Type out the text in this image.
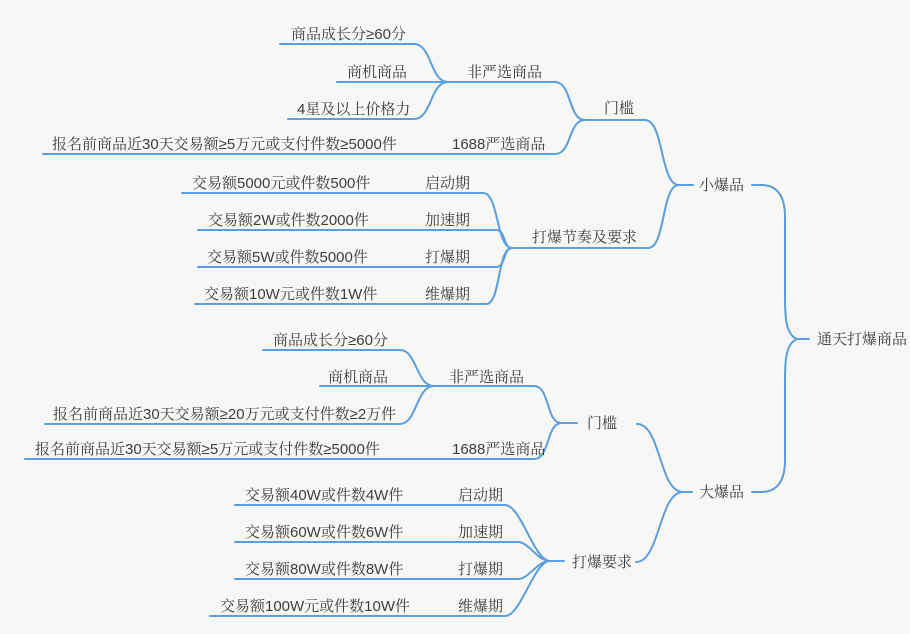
商品成长分≥60分
商机商品	非严选商品
4星及以上价格力
报名前商品近30天交易额≥5万元或支付件数≥5000件	1688严选商品
门槛
交易额5000元或件数500件	启动期
交易额2W或件数2000件	加速期
交易额5W或件数5000件	打爆期
交易额10W元或件数1W件	维爆期
打爆节奏及要求
小爆品
商品成长分≥60分
商机商品	非严选商品
报名前商品近30天交易额≥20万元或支付件数≥2万件
报名前商品近30天交易额≥5万元或支付件数≥5000件	1688严选商品
门槛
交易额40W或件数4W件	启动期
交易额60W或件数6W件	加速期
交易额80W或件数8W件	打爆期
交易额100W元或件数10W件	维爆期
打爆要求
大爆品
通天打爆商品
